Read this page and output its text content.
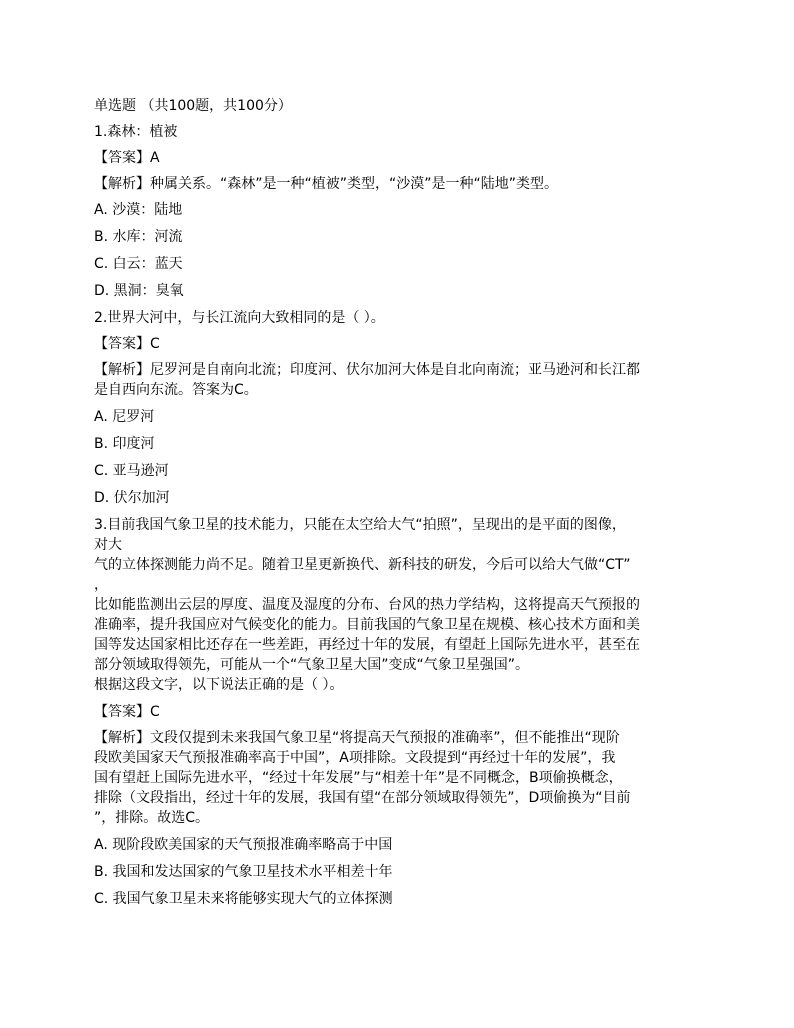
单选题 （共100题，共100分）
1.森林：植被
【答案】A
【解析】种属关系。“森林”是一种“植被”类型，“沙漠”是一种“陆地”类型。
A. 沙漠：陆地
B. 水库：河流
C. 白云：蓝天
D. 黑洞：臭氧
2.世界大河中，与长江流向大致相同的是（ ）。
【答案】C
【解析】尼罗河是自南向北流；印度河、伏尔加河大体是自北向南流；亚马逊河和长江都
是自西向东流。答案为C。
A. 尼罗河
B. 印度河
C. 亚马逊河
D. 伏尔加河
3.目前我国气象卫星的技术能力，只能在太空给大气“拍照”，呈现出的是平面的图像，
对大
气的立体探测能力尚不足。随着卫星更新换代、新科技的研发，今后可以给大气做“CT”
，
比如能监测出云层的厚度、温度及湿度的分布、台风的热力学结构，这将提高天气预报的
准确率，提升我国应对气候变化的能力。目前我国的气象卫星在规模、核心技术方面和美
国等发达国家相比还存在一些差距，再经过十年的发展，有望赶上国际先进水平，甚至在
部分领域取得领先，可能从一个“气象卫星大国”变成“气象卫星强国”。
根据这段文字，以下说法正确的是（ ）。
【答案】C
【解析】文段仅提到未来我国气象卫星“将提高天气预报的准确率”，但不能推出“现阶
段欧美国家天气预报准确率高于中国”，A项排除。文段提到“再经过十年的发展”，我
国有望赶上国际先进水平，“经过十年发展”与“相差十年”是不同概念，B项偷换概念，
排除（文段指出，经过十年的发展，我国有望“在部分领域取得领先”，D项偷换为“目前
”，排除。故选C。
A. 现阶段欧美国家的天气预报准确率略高于中国
B. 我国和发达国家的气象卫星技术水平相差十年
C. 我国气象卫星未来将能够实现大气的立体探测
